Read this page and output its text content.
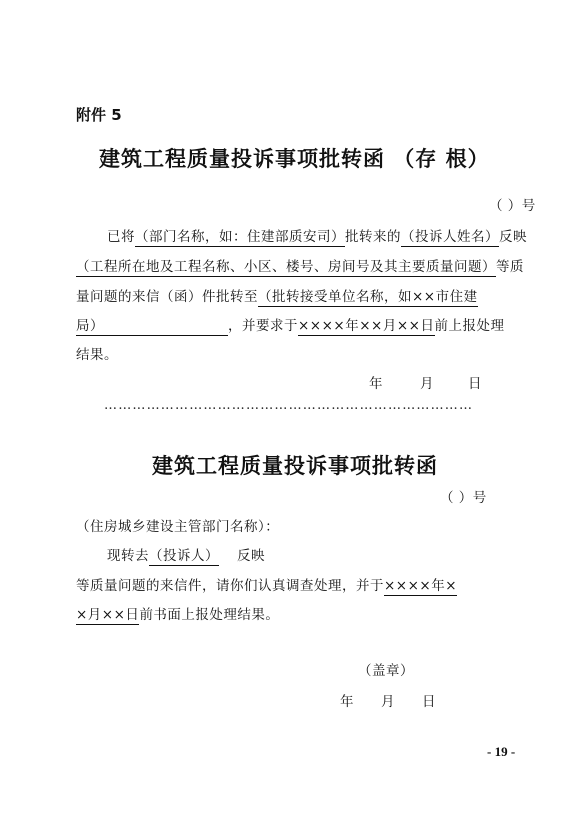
附件 5
建筑工程质量投诉事项批转函 （存 根）
（ ）号
已将（部门名称，如：住建部质安司）批转来的（投诉人姓名）反映
（工程所在地及工程名称、小区、楼号、房间号及其主要质量问题）等质
量问题的来信（函）件批转至（批转接受单位名称，如××市住建
局）	，并要求于××××年××月××日前上报处理
结果。
年	月	日
……………………………………………………………………
建筑工程质量投诉事项批转函
（ ）号
（住房城乡建设主管部门名称）：
现转去（投诉人） 反映
等质量问题的来信件，请你们认真调查处理，并于××××年×
×月××日前书面上报处理结果。
（盖章）
年 月 日
- 19 -
